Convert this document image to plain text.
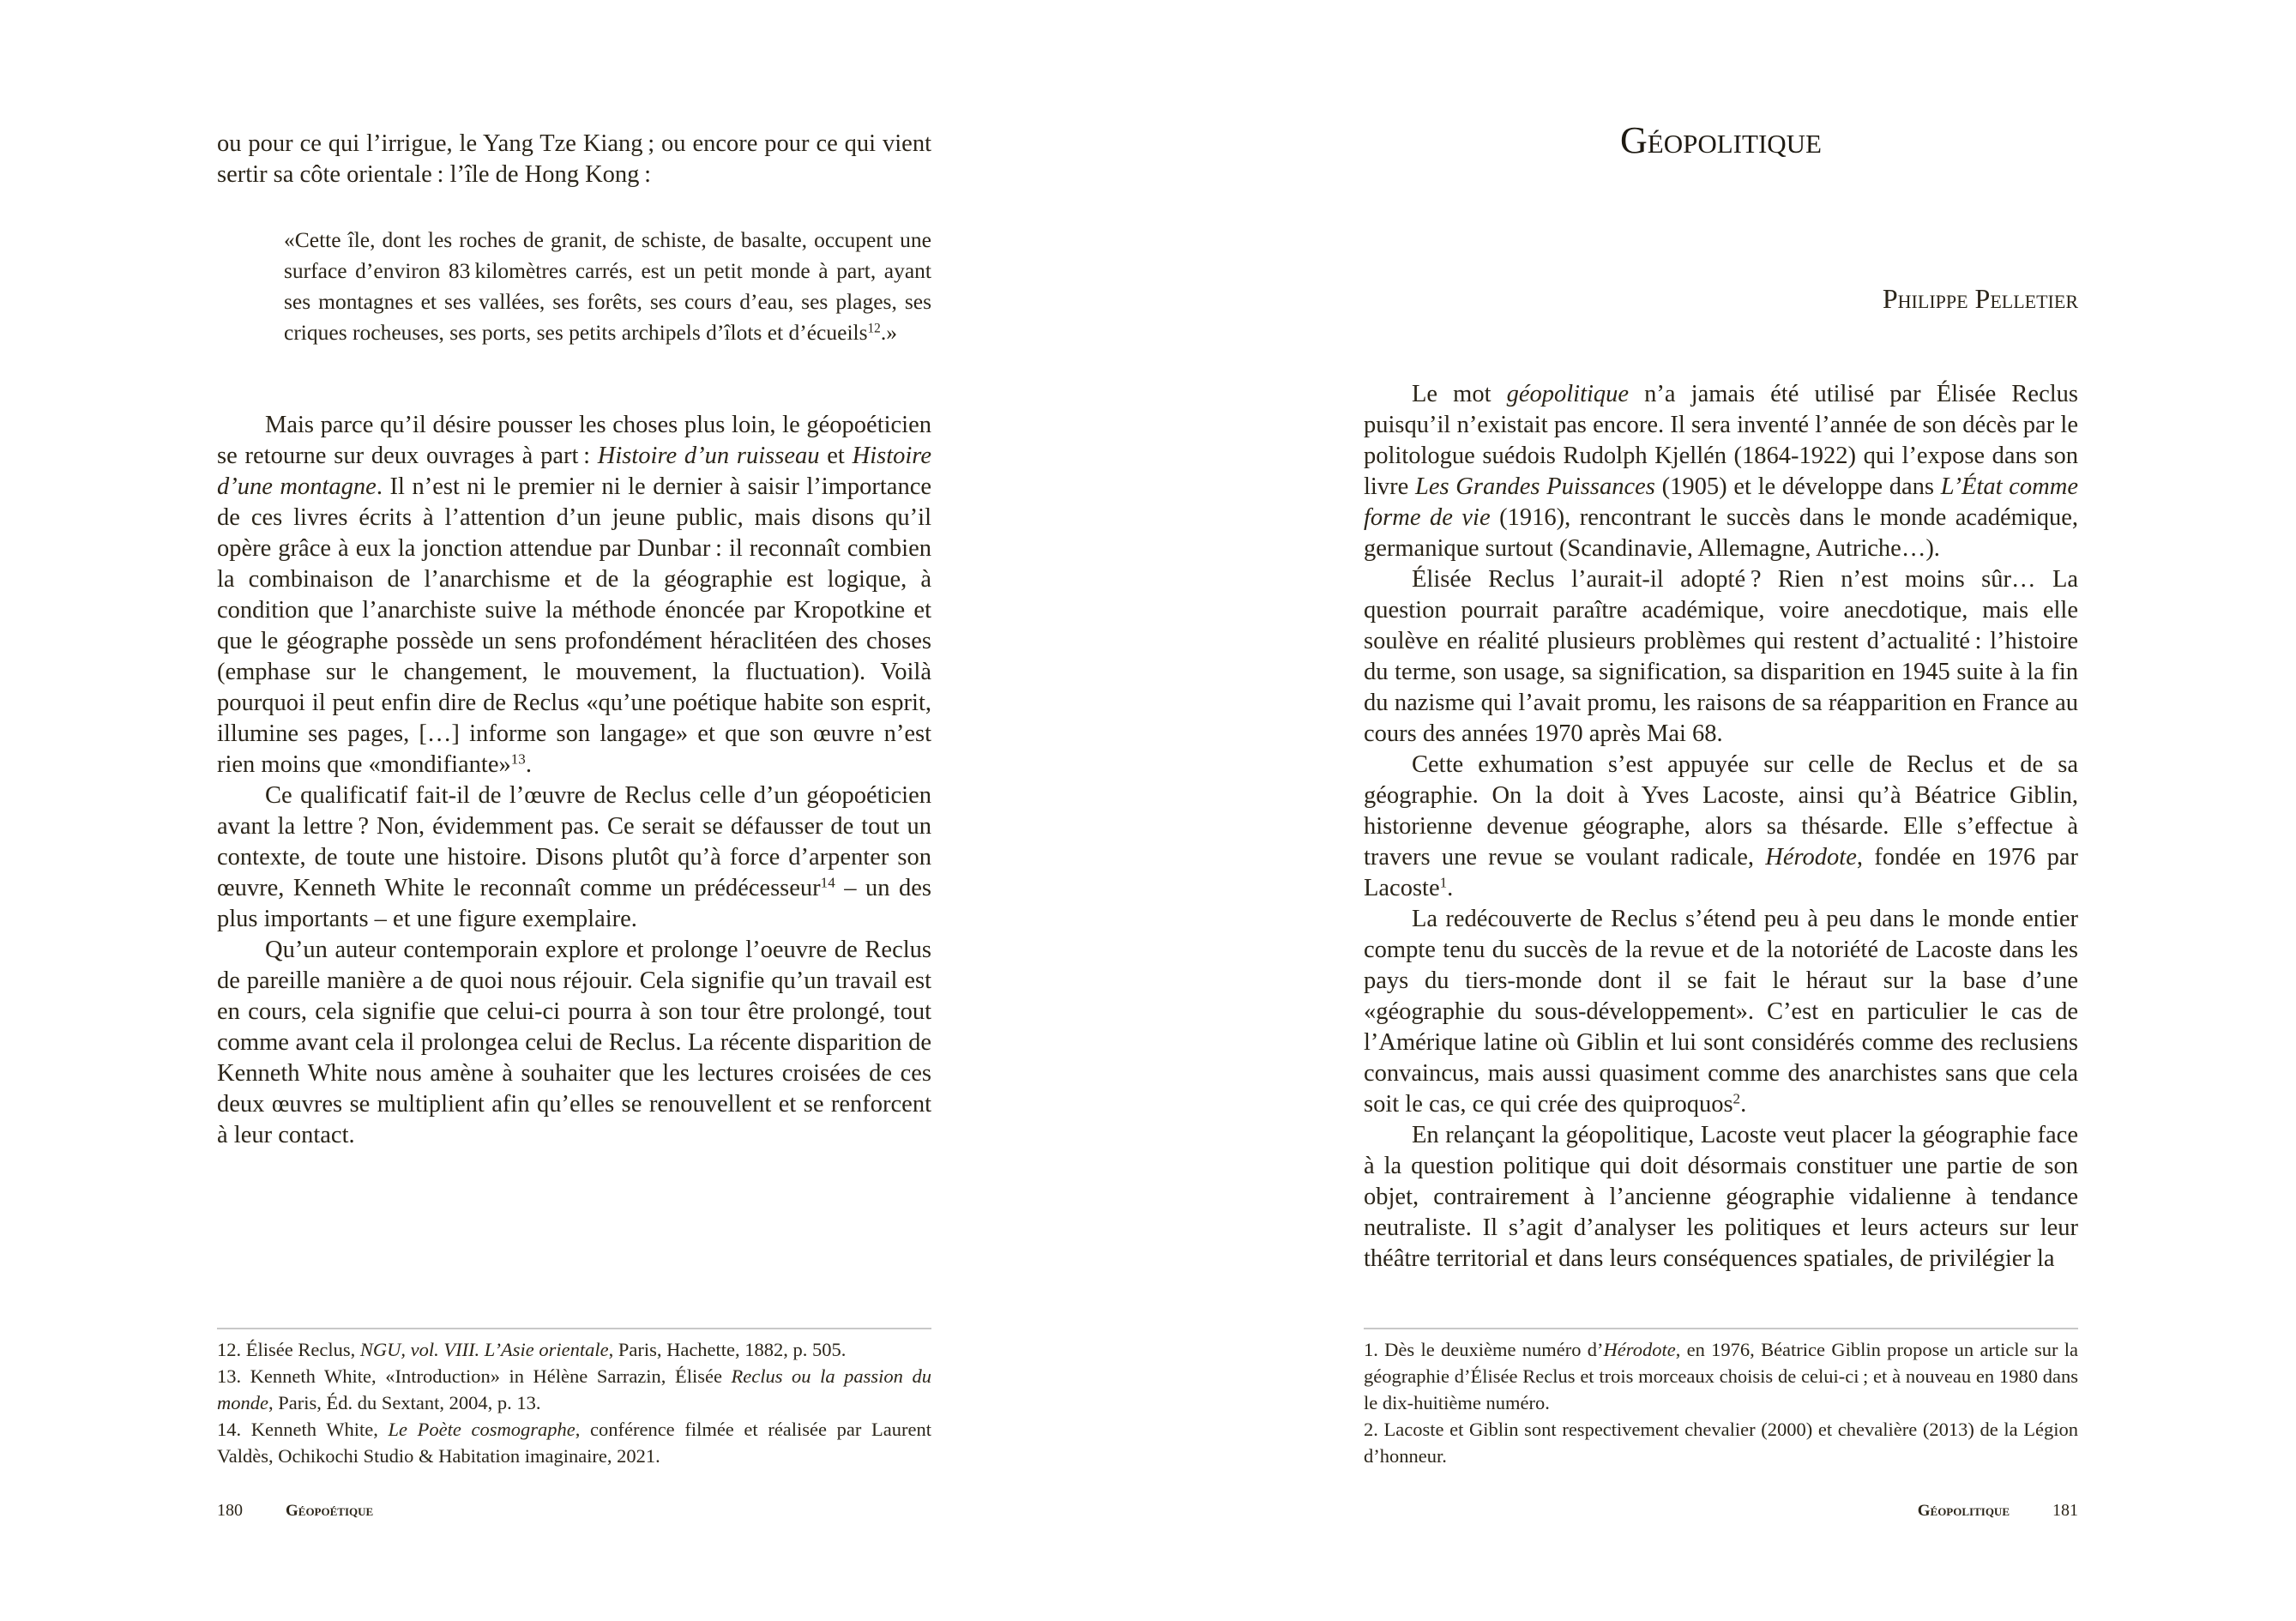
ou pour ce qui l’irrigue, le Yang Tze Kiang ; ou encore pour ce qui vient sertir sa côte orientale : l’île de Hong Kong :

«Cette île, dont les roches de granit, de schiste, de basalte, occupent une surface d’environ 83 kilomètres carrés, est un petit monde à part, ayant ses montagnes et ses vallées, ses forêts, ses cours d’eau, ses plages, ses criques rocheuses, ses ports, ses petits archipels d’îlots et d’écueils$^{12}$.»

Mais parce qu’il désire pousser les choses plus loin, le géopoéticien se retourne sur deux ouvrages à part : Histoire d’un ruisseau et Histoire d’une montagne. Il n’est ni le premier ni le dernier à saisir l’importance de ces livres écrits à l’attention d’un jeune public, mais disons qu’il opère grâce à eux la jonction attendue par Dunbar : il reconnaît combien la combinaison de l’anarchisme et de la géographie est logique, à condition que l’anarchiste suive la méthode énoncée par Kropotkine et que le géographe possède un sens profondément héraclitéen des choses (emphase sur le changement, le mouvement, la fluctuation). Voilà pourquoi il peut enfin dire de Reclus «qu’une poétique habite son esprit, illumine ses pages, […] informe son langage» et que son œuvre n’est rien moins que «mondifiante»$^{13}$.

Ce qualificatif fait-il de l’œuvre de Reclus celle d’un géopoéticien avant la lettre ? Non, évidemment pas. Ce serait se défausser de tout un contexte, de toute une histoire. Disons plutôt qu’à force d’arpenter son œuvre, Kenneth White le reconnaît comme un prédécesseur$^{14}$ – un des plus importants – et une figure exemplaire.

Qu’un auteur contemporain explore et prolonge l’oeuvre de Reclus de pareille manière a de quoi nous réjouir. Cela signifie qu’un travail est en cours, cela signifie que celui-ci pourra à son tour être prolongé, tout comme avant cela il prolongea celui de Reclus. La récente disparition de Kenneth White nous amène à souhaiter que les lectures croisées de ces deux œuvres se multiplient afin qu’elles se renouvellent et se renforcent à leur contact.

12. Élisée Reclus, NGU, vol. VIII. L’Asie orientale, Paris, Hachette, 1882, p. 505.

13. Kenneth White, «Introduction» in Hélène Sarrazin, Élisée Reclus ou la passion du monde, Paris, Éd. du Sextant, 2004, p. 13.

14. Kenneth White, Le Poète cosmographe, conférence filmée et réalisée par Laurent Valdès, Ochikochi Studio & Habitation imaginaire, 2021.

180	Géopoétique
Géopolitique
Philippe Pelletier

Le mot géopolitique n’a jamais été utilisé par Élisée Reclus puisqu’il n’existait pas encore. Il sera inventé l’année de son décès par le politologue suédois Rudolph Kjellén (1864-1922) qui l’expose dans son livre Les Grandes Puissances (1905) et le développe dans L’État comme forme de vie (1916), rencontrant le succès dans le monde académique, germanique surtout (Scandinavie, Allemagne, Autriche…).

Élisée Reclus l’aurait-il adopté ? Rien n’est moins sûr… La question pourrait paraître académique, voire anecdotique, mais elle soulève en réalité plusieurs problèmes qui restent d’actualité : l’histoire du terme, son usage, sa signification, sa disparition en 1945 suite à la fin du nazisme qui l’avait promu, les raisons de sa réapparition en France au cours des années 1970 après Mai 68.

Cette exhumation s’est appuyée sur celle de Reclus et de sa géographie. On la doit à Yves Lacoste, ainsi qu’à Béatrice Giblin, historienne devenue géographe, alors sa thésarde. Elle s’effectue à travers une revue se voulant radicale, Hérodote, fondée en 1976 par Lacoste$^1$.

La redécouverte de Reclus s’étend peu à peu dans le monde entier compte tenu du succès de la revue et de la notoriété de Lacoste dans les pays du tiers-monde dont il se fait le héraut sur la base d’une «géographie du sous-développement». C’est en particulier le cas de l’Amérique latine où Giblin et lui sont considérés comme des reclusiens convaincus, mais aussi quasiment comme des anarchistes sans que cela soit le cas, ce qui crée des quiproquos$^2$.

En relançant la géopolitique, Lacoste veut placer la géographie face à la question politique qui doit désormais constituer une partie de son objet, contrairement à l’ancienne géographie vidalienne à tendance neutraliste. Il s’agit d’analyser les politiques et leurs acteurs sur leur théâtre territorial et dans leurs conséquences spatiales, de privilégier la

1. Dès le deuxième numéro d’Hérodote, en 1976, Béatrice Giblin propose un article sur la géographie d’Élisée Reclus et trois morceaux choisis de celui-ci ; et à nouveau en 1980 dans le dix-huitième numéro.

2. Lacoste et Giblin sont respectivement chevalier (2000) et chevalière (2013) de la Légion d’honneur.

Géopolitique	181
